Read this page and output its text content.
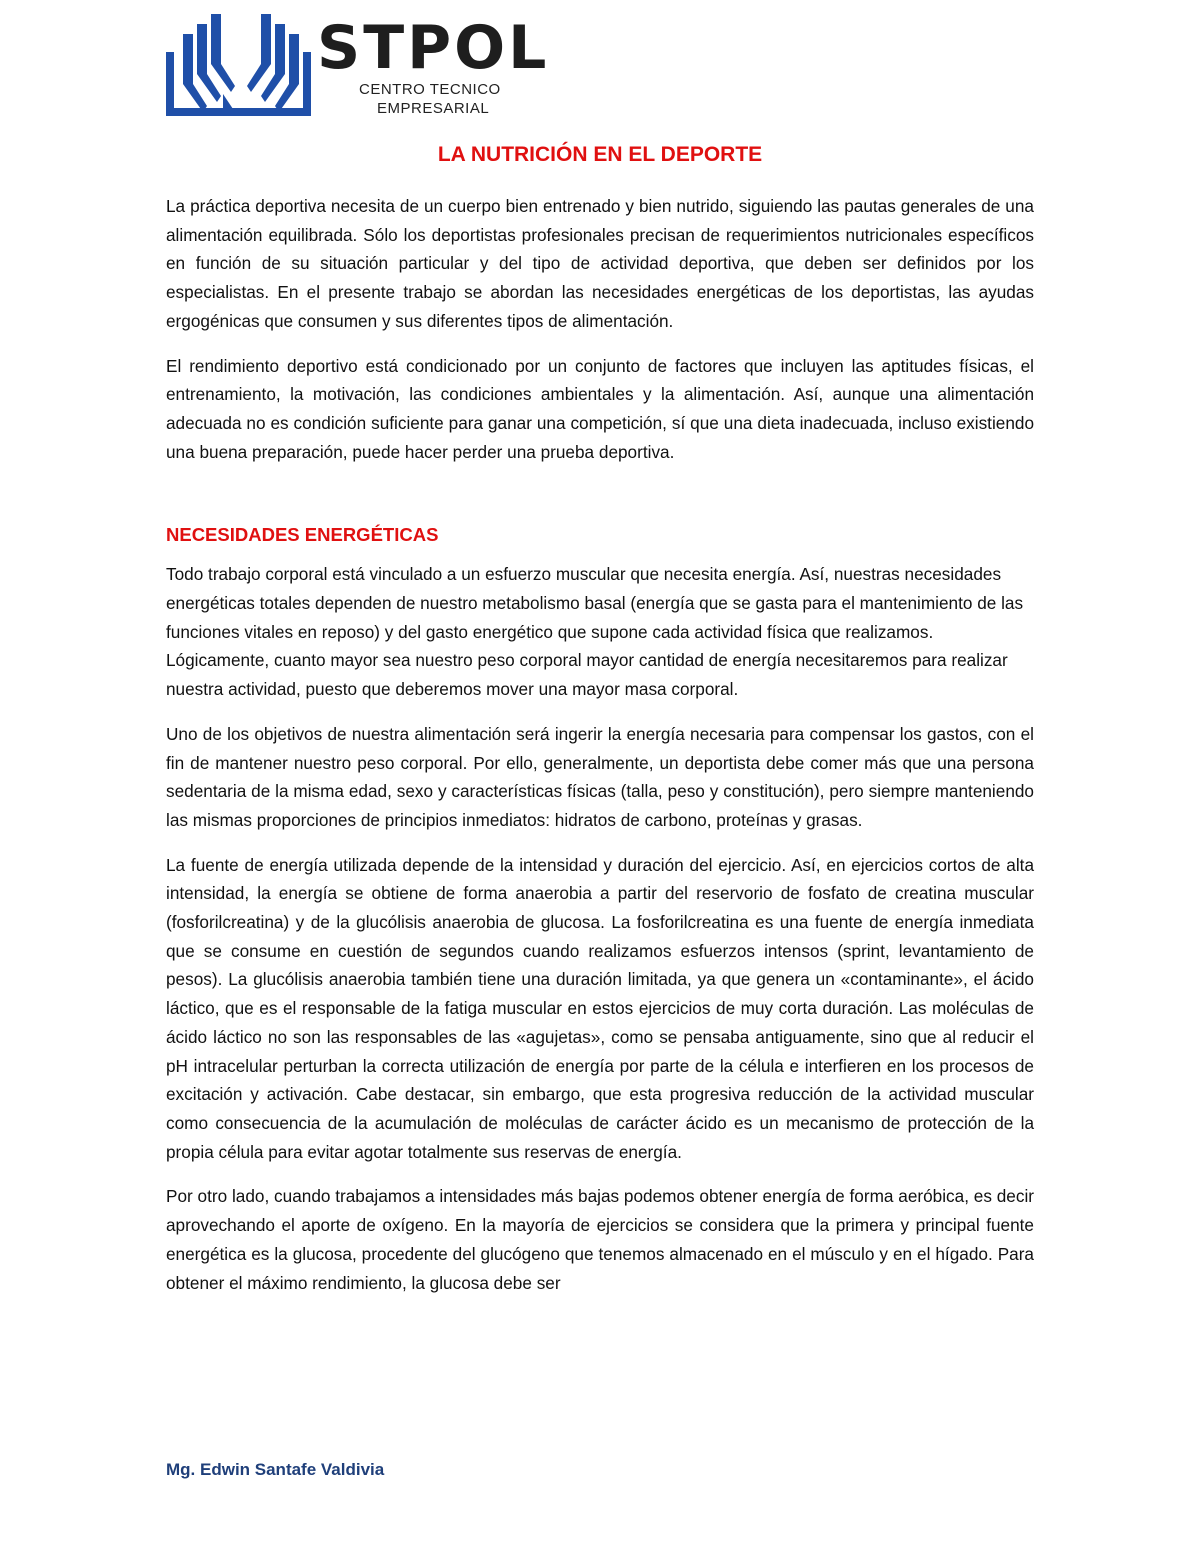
STPOL
CENTRO TECNICO
EMPRESARIAL
LA NUTRICIÓN EN EL DEPORTE

La práctica deportiva necesita de un cuerpo bien entrenado y bien nutrido, siguiendo las pautas generales de una alimentación equilibrada. Sólo los deportistas profesionales precisan de requerimientos nutricionales específicos en función de su situación particular y del tipo de actividad deportiva, que deben ser definidos por los especialistas. En el presente trabajo se abordan las necesidades energéticas de los deportistas, las ayudas ergogénicas que consumen y sus diferentes tipos de alimentación.

El rendimiento deportivo está condicionado por un conjunto de factores que incluyen las aptitudes físicas, el entrenamiento, la motivación, las condiciones ambientales y la alimentación. Así, aunque una alimentación adecuada no es condición suficiente para ganar una competición, sí que una dieta inadecuada, incluso existiendo una buena preparación, puede hacer perder una prueba deportiva.

NECESIDADES ENERGÉTICAS

Todo trabajo corporal está vinculado a un esfuerzo muscular que necesita energía. Así, nuestras necesidades energéticas totales dependen de nuestro metabolismo basal (energía que se gasta para el mantenimiento de las funciones vitales en reposo) y del gasto energético que supone cada actividad física que realizamos. Lógicamente, cuanto mayor sea nuestro peso corporal mayor cantidad de energía necesitaremos para realizar nuestra actividad, puesto que deberemos mover una mayor masa corporal.

Uno de los objetivos de nuestra alimentación será ingerir la energía necesaria para compensar los gastos, con el fin de mantener nuestro peso corporal. Por ello, generalmente, un deportista debe comer más que una persona sedentaria de la misma edad, sexo y características físicas (talla, peso y constitución), pero siempre manteniendo las mismas proporciones de principios inmediatos: hidratos de carbono, proteínas y grasas.

La fuente de energía utilizada depende de la intensidad y duración del ejercicio. Así, en ejercicios cortos de alta intensidad, la energía se obtiene de forma anaerobia a partir del reservorio de fosfato de creatina muscular (fosforilcreatina) y de la glucólisis anaerobia de glucosa. La fosforilcreatina es una fuente de energía inmediata que se consume en cuestión de segundos cuando realizamos esfuerzos intensos (sprint, levantamiento de pesos). La glucólisis anaerobia también tiene una duración limitada, ya que genera un «contaminante», el ácido láctico, que es el responsable de la fatiga muscular en estos ejercicios de muy corta duración. Las moléculas de ácido láctico no son las responsables de las «agujetas», como se pensaba antiguamente, sino que al reducir el pH intracelular perturban la correcta utilización de energía por parte de la célula e interfieren en los procesos de excitación y activación. Cabe destacar, sin embargo, que esta progresiva reducción de la actividad muscular como consecuencia de la acumulación de moléculas de carácter ácido es un mecanismo de protección de la propia célula para evitar agotar totalmente sus reservas de energía.

Por otro lado, cuando trabajamos a intensidades más bajas podemos obtener energía de forma aeróbica, es decir aprovechando el aporte de oxígeno. En la mayoría de ejercicios se considera que la primera y principal fuente energética es la glucosa, procedente del glucógeno que tenemos almacenado en el músculo y en el hígado. Para obtener el máximo rendimiento, la glucosa debe ser

Mg. Edwin Santafe Valdivia
